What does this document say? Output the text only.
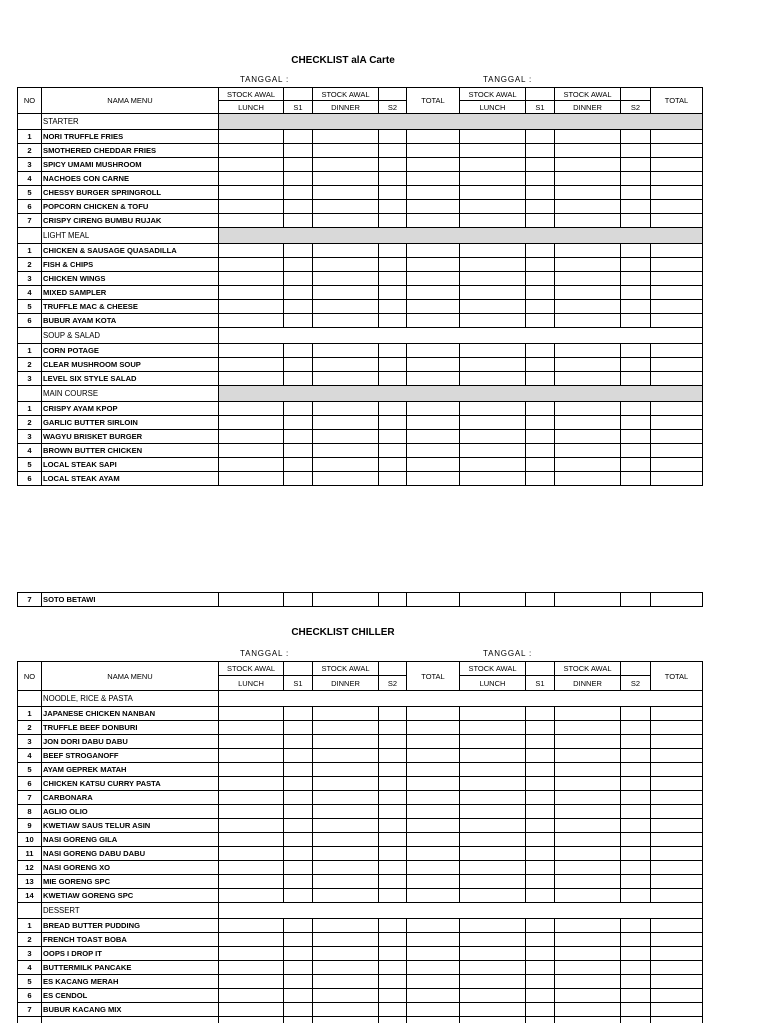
CHECKLIST alA Carte
TANGGAL :	TANGGAL :
NO	NAMA MENU	STOCK AWAL		STOCK AWAL		TOTAL	STOCK AWAL		STOCK AWAL		TOTAL
		LUNCH	S1	DINNER	S2		LUNCH	S1	DINNER	S2	
	STARTER										
1	NORI TRUFFLE FRIES										
2	SMOTHERED CHEDDAR FRIES										
3	SPICY UMAMI MUSHROOM										
4	NACHOES CON CARNE										
5	CHESSY BURGER SPRINGROLL										
6	POPCORN CHICKEN & TOFU										
7	CRISPY CIRENG BUMBU RUJAK										
	LIGHT MEAL										
1	CHICKEN & SAUSAGE QUASADILLA										
2	FISH & CHIPS										
3	CHICKEN WINGS										
4	MIXED SAMPLER										
5	TRUFFLE MAC & CHEESE										
6	BUBUR AYAM KOTA										
	SOUP & SALAD										
1	CORN POTAGE										
2	CLEAR MUSHROOM SOUP										
3	LEVEL SIX STYLE SALAD										
	MAIN COURSE										
1	CRISPY AYAM KPOP										
2	GARLIC BUTTER SIRLOIN										
3	WAGYU BRISKET BURGER										
4	BROWN BUTTER CHICKEN										
5	LOCAL STEAK SAPI										
6	LOCAL STEAK AYAM										
7	SOTO BETAWI										
CHECKLIST CHILLER
TANGGAL :	TANGGAL :
NO	NAMA MENU	STOCK AWAL		STOCK AWAL		TOTAL	STOCK AWAL		STOCK AWAL		TOTAL
		LUNCH	S1	DINNER	S2		LUNCH	S1	DINNER	S2	
	NOODLE, RICE & PASTA										
1	JAPANESE CHICKEN NANBAN										
2	TRUFFLE BEEF DONBURI										
3	JON DORI DABU DABU										
4	BEEF STROGANOFF										
5	AYAM GEPREK MATAH										
6	CHICKEN KATSU CURRY PASTA										
7	CARBONARA										
8	AGLIO OLIO										
9	KWETIAW SAUS TELUR ASIN										
10	NASI GORENG GILA										
11	NASI GORENG DABU DABU										
12	NASI GORENG XO										
13	MIE GORENG SPC										
14	KWETIAW GORENG SPC										
	DESSERT										
1	BREAD BUTTER PUDDING										
2	FRENCH TOAST BOBA										
3	OOPS I DROP IT										
4	BUTTERMILK PANCAKE										
5	ES KACANG MERAH										
6	ES CENDOL										
7	BUBUR KACANG MIX										
